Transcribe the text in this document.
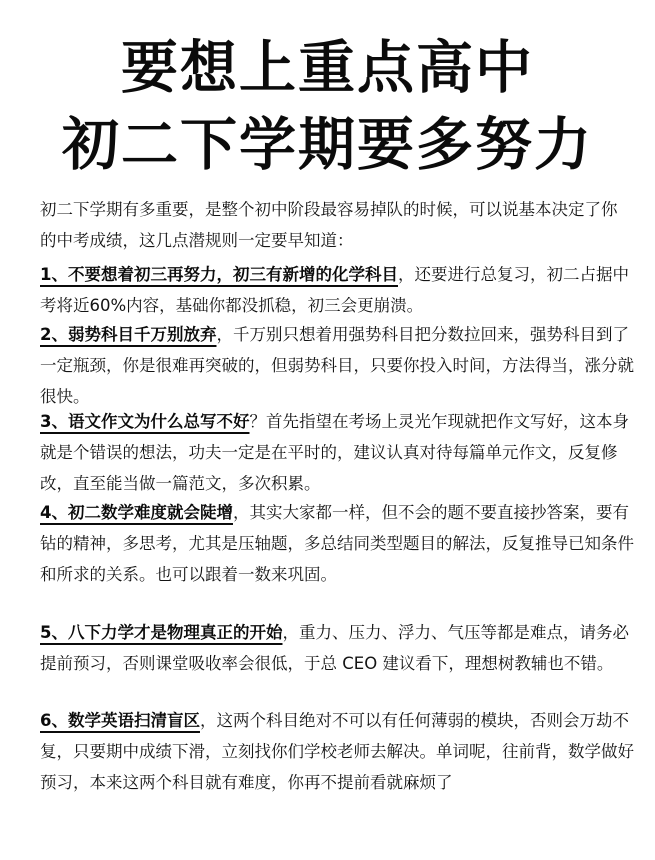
要想上重点高中
初二下学期要多努力
初二下学期有多重要，是整个初中阶段最容易掉队的时候，可以说基本决定了你的中考成绩，这几点潜规则一定要早知道：
1、不要想着初三再努力，初三有新增的化学科目，还要进行总复习，初二占据中考将近60%内容，基础你都没抓稳，初三会更崩溃。
2、弱势科目千万别放弃，千万别只想着用强势科目把分数拉回来，强势科目到了一定瓶颈，你是很难再突破的，但弱势科目，只要你投入时间，方法得当，涨分就很快。
3、语文作文为什么总写不好？首先指望在考场上灵光乍现就把作文写好，这本身就是个错误的想法，功夫一定是在平时的，建议认真对待每篇单元作文，反复修改，直至能当做一篇范文，多次积累。
4、初二数学难度就会陡增，其实大家都一样，但不会的题不要直接抄答案，要有钻的精神，多思考，尤其是压轴题，多总结同类型题目的解法，反复推导已知条件和所求的关系。也可以跟着一数来巩固。
5、八下力学才是物理真正的开始，重力、压力、浮力、气压等都是难点，请务必提前预习，否则课堂吸收率会很低，于总 CEO 建议看下，理想树教辅也不错。
6、数学英语扫清盲区，这两个科目绝对不可以有任何薄弱的模块，否则会万劫不复，只要期中成绩下滑，立刻找你们学校老师去解决。单词呢，往前背，数学做好预习，本来这两个科目就有难度，你再不提前看就麻烦了
